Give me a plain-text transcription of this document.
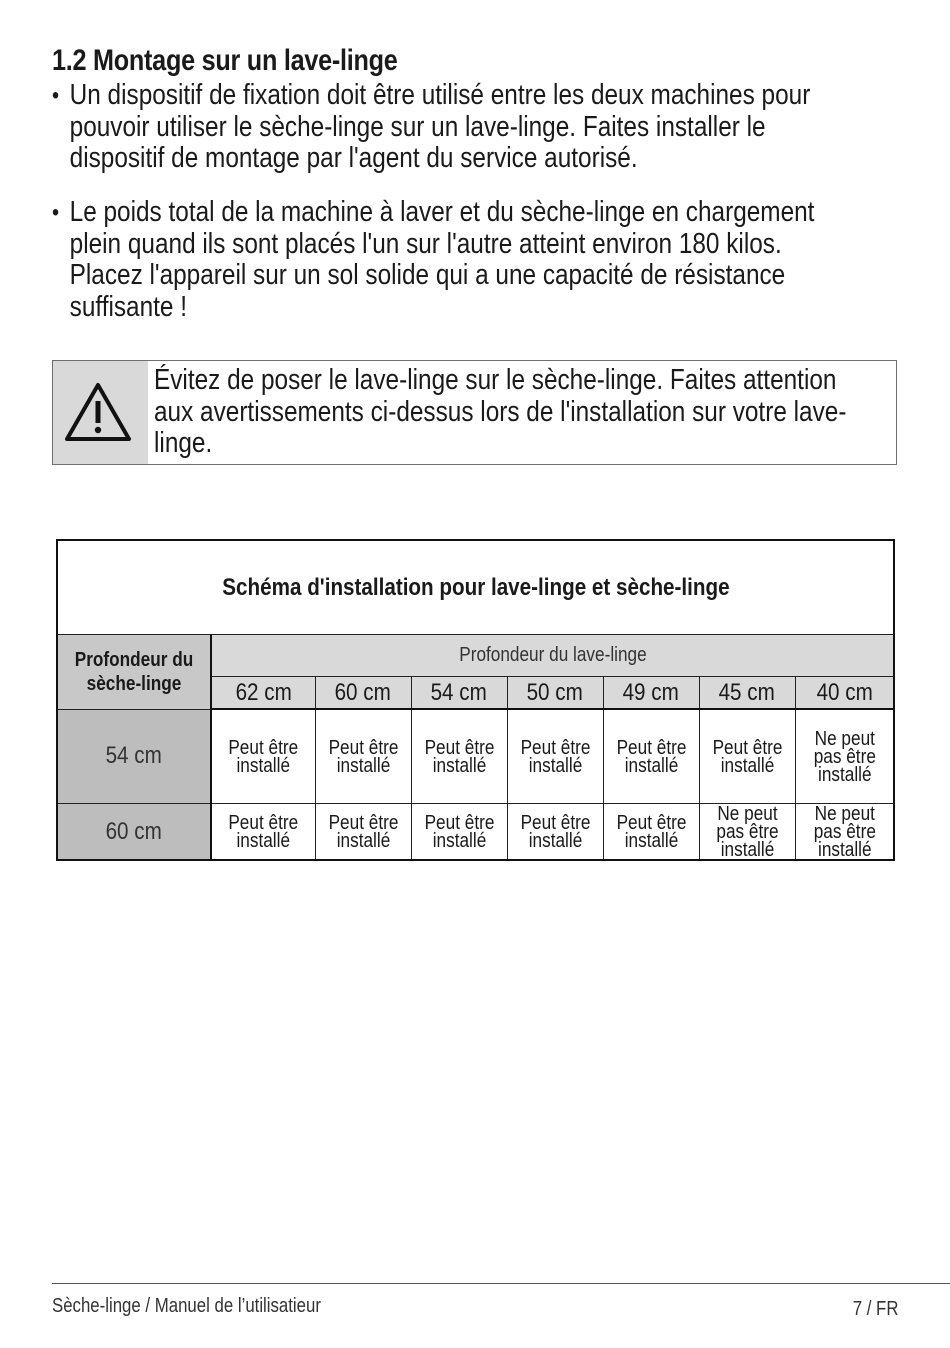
1.2 Montage sur un lave-linge
• Un dispositif de fixation doit être utilisé entre les deux machines pour
pouvoir utiliser le sèche-linge sur un lave-linge. Faites installer le
dispositif de montage par l'agent du service autorisé.
• Le poids total de la machine à laver et du sèche-linge en chargement
plein quand ils sont placés l'un sur l'autre atteint environ 180 kilos.
Placez l'appareil sur un sol solide qui a une capacité de résistance
suffisante !
Évitez de poser le lave-linge sur le sèche-linge. Faites attention
aux avertissements ci-dessus lors de l'installation sur votre lave-
linge.
Schéma d'installation pour lave-linge et sèche-linge							
Profondeur du sèche-linge	Profondeur du lave-linge						
	62 cm	60 cm	54 cm	50 cm	49 cm	45 cm	40 cm
54 cm	Peut être installé	Peut être installé	Peut être installé	Peut être installé	Peut être installé	Peut être installé	Ne peut pas être installé
60 cm	Peut être installé	Peut être installé	Peut être installé	Peut être installé	Peut être installé	Ne peut pas être installé	Ne peut pas être installé
Sèche-linge / Manuel de l’utilisatieur	7 / FR
